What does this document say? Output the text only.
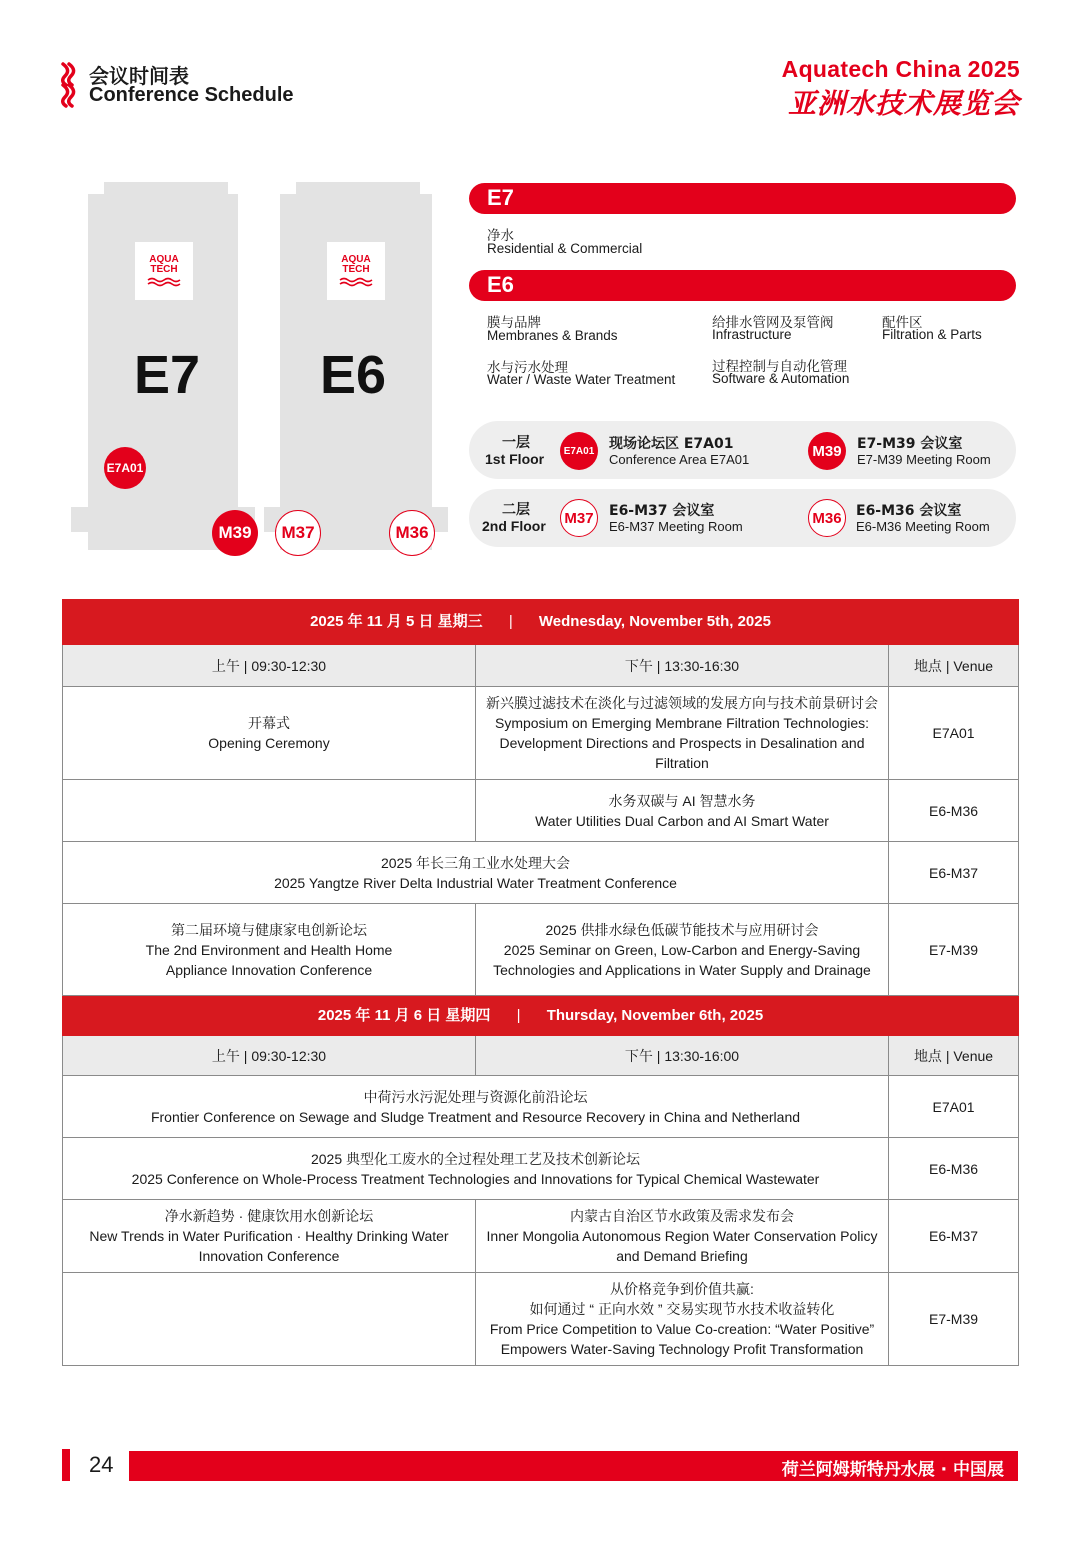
会议时间表
Conference Schedule
Aquatech China 2025
亚洲水技术展览会
AQUA
TECH
E7
E7A01
AQUA
TECH
E6
M39	M37	M36
E7
净水
Residential & Commercial
E6
膜与品牌
Membranes & Brands
给排水管网及泵管阀
Infrastructure
配件区
Filtration & Parts
水与污水处理
Water / Waste Water Treatment
过程控制与自动化管理
Software & Automation
一层
1st Floor	E7A01 现场论坛区 E7A01
Conference Area E7A01	M39	E7-M39 会议室
E7-M39 Meeting Room
二层
2nd Floor M37	E6-M37 会议室
E6-M37 Meeting Room	M36	E6-M36 会议室
E6-M36 Meeting Room
2025 年 11 月 5 日 星期三 | Wednesday, November 5th, 2025		
上午 | 09:30-12:30	下午 | 13:30-16:30	地点 | Venue

开幕式
Opening Ceremony	新兴膜过滤技术在淡化与过滤领域的发展方向与技术前景研讨会
Symposium on Emerging Membrane Filtration Technologies: Development Directions and Prospects in Desalination and Filtration	E7A01

	水务双碳与 AI 智慧水务
Water Utilities Dual Carbon and AI Smart Water	E6-M36

2025 年长三角工业水处理大会
2025 Yangtze River Delta Industrial Water Treatment Conference		E6-M37

第二届环境与健康家电创新论坛
The 2nd Environment and Health Home Appliance Innovation Conference	2025 供排水绿色低碳节能技术与应用研讨会
2025 Seminar on Green, Low-Carbon and Energy-Saving Technologies and Applications in Water Supply and Drainage	E7-M39
2025 年 11 月 6 日 星期四 | Thursday, November 6th, 2025		
上午 | 09:30-12:30	下午 | 13:30-16:00	地点 | Venue

中荷污水污泥处理与资源化前沿论坛
Frontier Conference on Sewage and Sludge Treatment and Resource Recovery in China and Netherland		E7A01

2025 典型化工废水的全过程处理工艺及技术创新论坛
2025 Conference on Whole-Process Treatment Technologies and Innovations for Typical Chemical Wastewater		E6-M36

净水新趋势 · 健康饮用水创新论坛
New Trends in Water Purification · Healthy Drinking Water Innovation Conference	内蒙古自治区节水政策及需求发布会
Inner Mongolia Autonomous Region Water Conservation Policy and Demand Briefing	E6-M37

	从价格竞争到价值共赢:
如何通过 “ 正向水效 ” 交易实现节水技术收益转化
From Price Competition to Value Co-creation: “Water Positive” Empowers Water-Saving Technology Profit Transformation	E7-M39
24	荷兰阿姆斯特丹水展 · 中国展
